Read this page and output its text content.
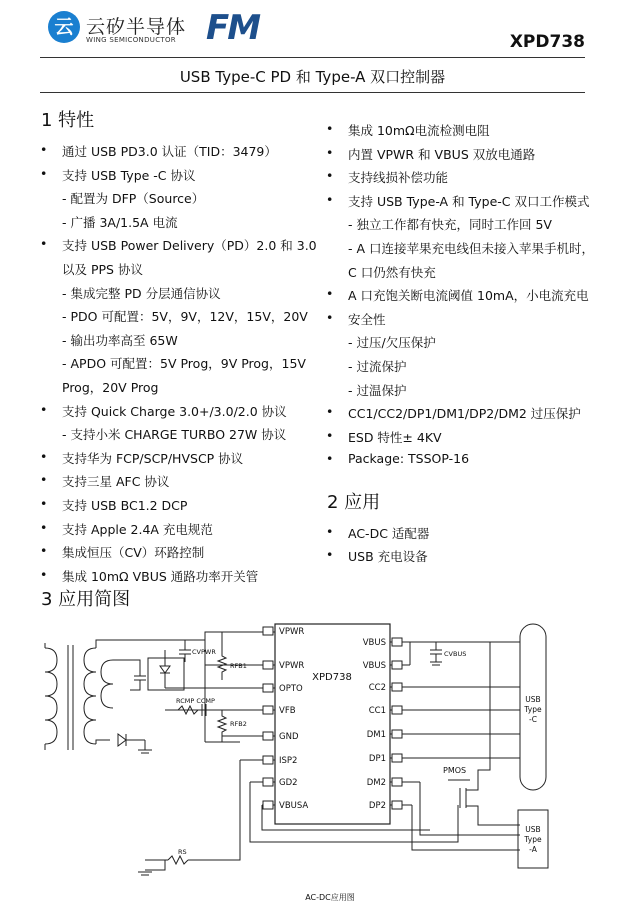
云 云矽半导体
WING SEMICONDUCTOR FM	XPD738
USB Type-C PD 和 Type-A 双口控制器
1 特性
2 应用
3 应用简图
• 通过 USB PD3.0 认证（TID：3479）
• 支持 USB Type -C 协议
- 配置为 DFP（Source）
- 广播 3A/1.5A 电流
• 支持 USB Power Delivery（PD）2.0 和 3.0
以及 PPS 协议
- 集成完整 PD 分层通信协议
- PDO 可配置：5V，9V，12V，15V，20V
- 输出功率高至 65W
- APDO 可配置：5V Prog，9V Prog，15V
Prog，20V Prog
• 支持 Quick Charge 3.0+/3.0/2.0 协议
- 支持小米 CHARGE TURBO 27W 协议
• 支持华为 FCP/SCP/HVSCP 协议
• 支持三星 AFC 协议
• 支持 USB BC1.2 DCP
• 支持 Apple 2.4A 充电规范
• 集成恒压（CV）环路控制
• 集成 10mΩ VBUS 通路功率开关管
• 集成 10mΩ电流检测电阻
• 内置 VPWR 和 VBUS 双放电通路
• 支持线损补偿功能
• 支持 USB Type-A 和 Type-C 双口工作模式
- 独立工作都有快充，同时工作回 5V
- A 口连接苹果充电线但未接入苹果手机时，
C 口仍然有快充
• A 口充饱关断电流阈值 10mA，小电流充电
• 安全性
- 过压/欠压保护
- 过流保护
- 过温保护
• CC1/CC2/DP1/DM1/DP2/DM2 过压保护
• ESD 特性± 4KV
• Package: TSSOP-16
• AC-DC 适配器
• USB 充电设备
VPWR
VPWR
OPTO
VFB
GND
ISP2
GD2
VBUSA
VBUS
VBUS
CC2
CC1
DM1
DP1
DM2
DP2
XPD738
CVPWR
RFB1
RCMP CCMP
RFB2
CVBUS
RS
PMOS
USB
Type
-C
USB
Type
-A
AC-DC应用图
